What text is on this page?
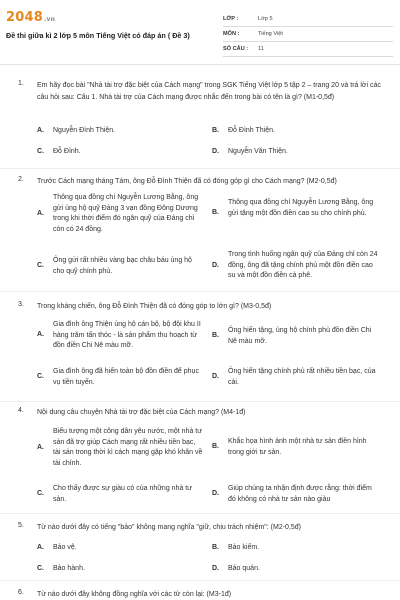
2048.vn
Đề thi giữa kì 2 lớp 5 môn Tiếng Việt có đáp án ( Đề 3)
LỚP :	Lớp 5
MÔN :	Tiếng Việt
SỐ CÂU :	11
1. Em hãy đọc bài "Nhà tài trợ đặc biệt của Cách mạng" trong SGK Tiếng Việt lớp 5 tập 2 – trang 20 và trả lời các câu hỏi sau: Câu 1. Nhà tài trợ của Cách mạng được nhắc đến trong bài có tên là gì? (M1-0,5đ)
A. Nguyễn Đình Thiện.	B. Đỗ Đình Thiện.
C. Đỗ Đình.	D. Nguyễn Văn Thiện.
2. Trước Cách mạng tháng Tám, ông Đỗ Đình Thiện đã có đóng góp gì cho Cách mạng? (M2-0,5đ)
A.
Thông qua đồng chí Nguyễn Lương Bằng, ông gửi ủng hộ quỹ Đảng 3 vạn đồng Đông Dương trong khi thời điểm đó ngân quỹ của Đảng chỉ còn có 24 đồng.
B.
Thông qua đồng chí Nguyễn Lương Bằng, ông gửi tặng một đồn điền cao su cho chính phủ.
C.
Ông gửi rất nhiều vàng bạc châu báu ủng hộ cho quỹ chính phủ.
D.
Trong tình huống ngân quỹ của Đảng chỉ còn 24 đồng, ông đã tặng chính phủ một đồn điền cao su và một đồn điền cà phê.
3. Trong kháng chiến, ông Đỗ Đình Thiện đã có đóng góp to lớn gì? (M3-0,5đ)
A.
Gia đình ông Thiện ủng hộ cán bộ, bộ đội khu II hàng trăm tấn thóc - là sản phẩm thu hoạch từ đồn điền Chi Nê màu mỡ.
B.
Ông hiến tặng, ủng hộ chính phủ đồn điền Chi Nê màu mỡ.
C.
Gia đình ông đã hiến toàn bộ đồn điền để phục vụ tiền tuyến.
D.
Ông hiến tặng chính phủ rất nhiều tiền bạc, của cải.
4. Nội dung câu chuyện Nhà tài trợ đặc biệt của Cách mạng? (M4-1đ)
A.
Biểu tượng một công dân yêu nước, một nhà tư sản đã trợ giúp Cách mạng rất nhiều tiền bạc, tài sản trong thời kì cách mạng gặp khó khăn về tài chính.
B.
Khắc họa hình ảnh một nhà tư sản điền hình trong giới tư sản.
C.
Cho thấy được sự giàu có của những nhà tư sản.
D.
Giúp chúng ta nhận định được rằng: thời điểm đó không có nhà tư sản nào giàu
5. Từ nào dưới đây có tiếng "bảo" không mang nghĩa "giữ, chịu trách nhiệm": (M2-0,5đ)
A. Bảo vệ.	B. Bảo kiếm.
C. Bảo hành.	D. Bảo quản.
6. Từ nào dưới đây không đồng nghĩa với các từ còn lại: (M3-1đ)
